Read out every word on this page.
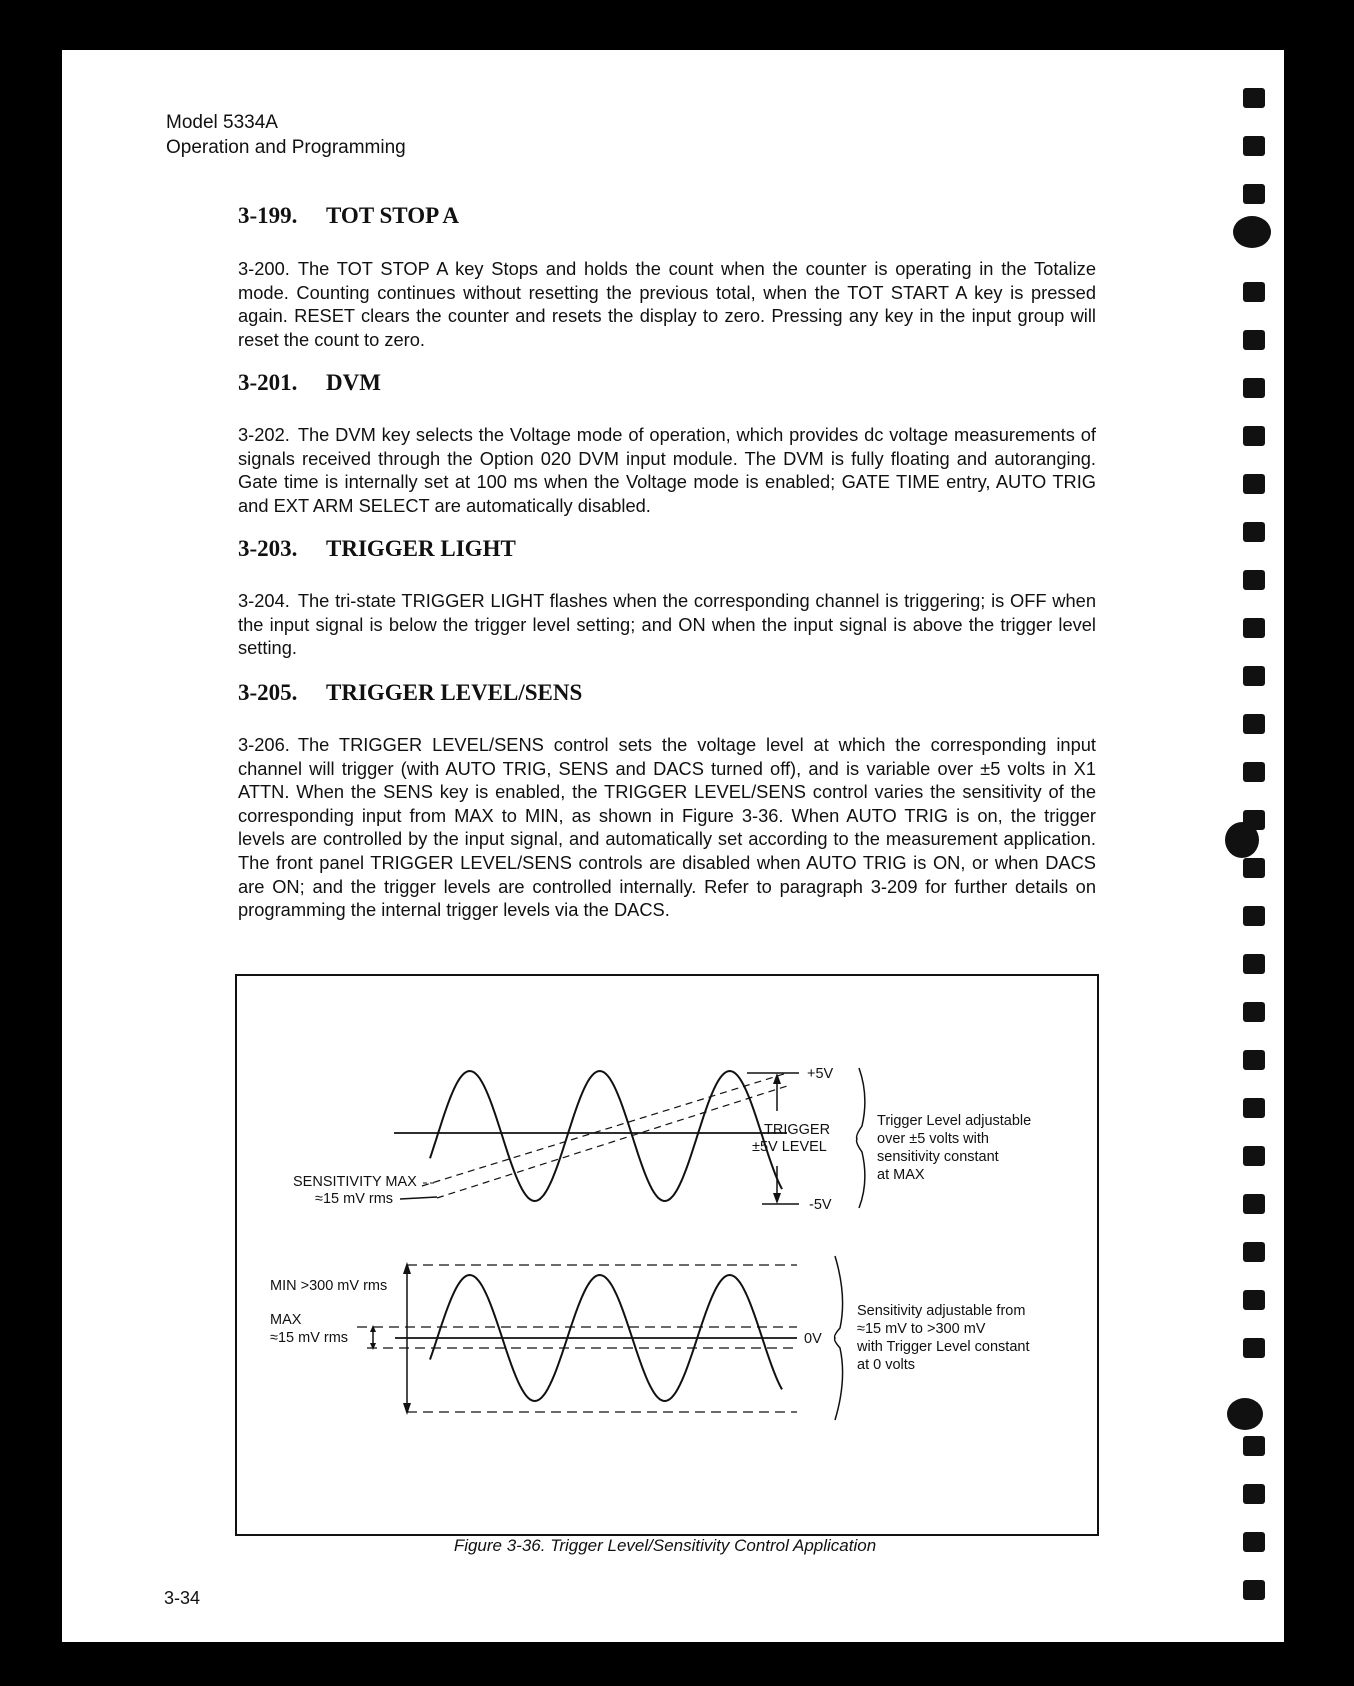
Model 5334A
Operation and Programming
3-199. TOT STOP A
3-200. The TOT STOP A key Stops and holds the count when the counter is operating in the Totalize mode. Counting continues without resetting the previous total, when the TOT START A key is pressed again. RESET clears the counter and resets the display to zero. Pressing any key in the input group will reset the count to zero.
3-201. DVM
3-202. The DVM key selects the Voltage mode of operation, which provides dc voltage measurements of signals received through the Option 020 DVM input module. The DVM is fully floating and autoranging. Gate time is internally set at 100 ms when the Voltage mode is enabled; GATE TIME entry, AUTO TRIG and EXT ARM SELECT are automatically disabled.
3-203. TRIGGER LIGHT
3-204. The tri-state TRIGGER LIGHT flashes when the corresponding channel is triggering; is OFF when the input signal is below the trigger level setting; and ON when the input signal is above the trigger level setting.
3-205. TRIGGER LEVEL/SENS
3-206. The TRIGGER LEVEL/SENS control sets the voltage level at which the corresponding input channel will trigger (with AUTO TRIG, SENS and DACS turned off), and is variable over ±5 volts in X1 ATTN. When the SENS key is enabled, the TRIGGER LEVEL/SENS control varies the sensitivity of the corresponding input from MAX to MIN, as shown in Figure 3-36. When AUTO TRIG is on, the trigger levels are controlled by the input signal, and automatically set according to the measurement application. The front panel TRIGGER LEVEL/SENS controls are disabled when AUTO TRIG is ON, or when DACS are ON; and the trigger levels are controlled internally. Refer to paragraph 3-209 for further details on programming the internal trigger levels via the DACS.
+5V
TRIGGER
±5V LEVEL
-5V
SENSITIVITY MAX
≈15 mV rms
Trigger Level adjustable
over ±5 volts with
sensitivity constant
at MAX
MIN >300 mV rms
MAX
≈15 mV rms	0V
Sensitivity adjustable from
≈15 mV to >300 mV
with Trigger Level constant
at 0 volts
Figure 3-36. Trigger Level/Sensitivity Control Application
3-34
